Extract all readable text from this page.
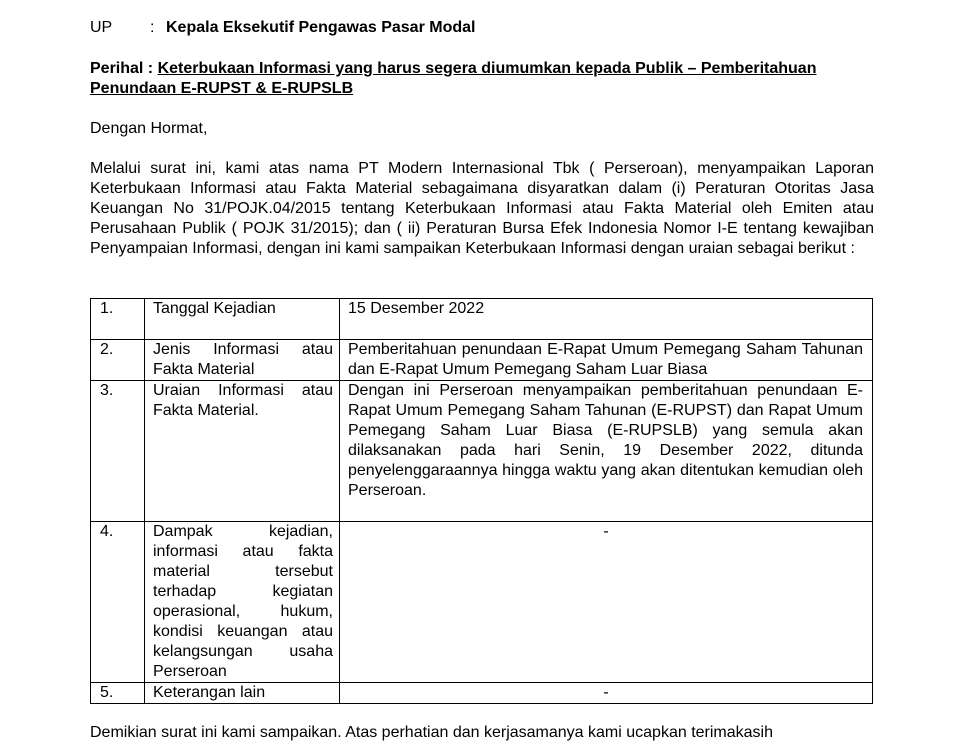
UP : Kepala Eksekutif Pengawas Pasar Modal
Perihal : Keterbukaan Informasi yang harus segera diumumkan kepada Publik – Pemberitahuan Penundaan E-RUPST & E-RUPSLB
Dengan Hormat,
Melalui surat ini, kami atas nama PT Modern Internasional Tbk ( Perseroan), menyampaikan Laporan Keterbukaan Informasi atau Fakta Material sebagaimana disyaratkan dalam (i) Peraturan Otoritas Jasa Keuangan No 31/POJK.04/2015 tentang Keterbukaan Informasi atau Fakta Material oleh Emiten atau Perusahaan Publik ( POJK 31/2015); dan ( ii) Peraturan Bursa Efek Indonesia Nomor I-E tentang kewajiban Penyampaian Informasi, dengan ini kami sampaikan Keterbukaan Informasi dengan uraian sebagai berikut :
1.	Tanggal Kejadian	15 Desember 2022
2.	Jenis Informasi atau Fakta Material	Pemberitahuan penundaan E-Rapat Umum Pemegang Saham Tahunan dan E-Rapat Umum Pemegang Saham Luar Biasa
3.	Uraian Informasi atau Fakta Material.	Dengan ini Perseroan menyampaikan pemberitahuan penundaan E-Rapat Umum Pemegang Saham Tahunan (E-RUPST) dan Rapat Umum Pemegang Saham Luar Biasa (E-RUPSLB) yang semula akan dilaksanakan pada hari Senin, 19 Desember 2022, ditunda penyelenggaraannya hingga waktu yang akan ditentukan kemudian oleh Perseroan.
4.	Dampak kejadian, informasi atau fakta material tersebut terhadap kegiatan operasional, hukum, kondisi keuangan atau kelangsungan usaha Perseroan	-
5.	Keterangan lain	-
Demikian surat ini kami sampaikan. Atas perhatian dan kerjasamanya kami ucapkan terimakasih
